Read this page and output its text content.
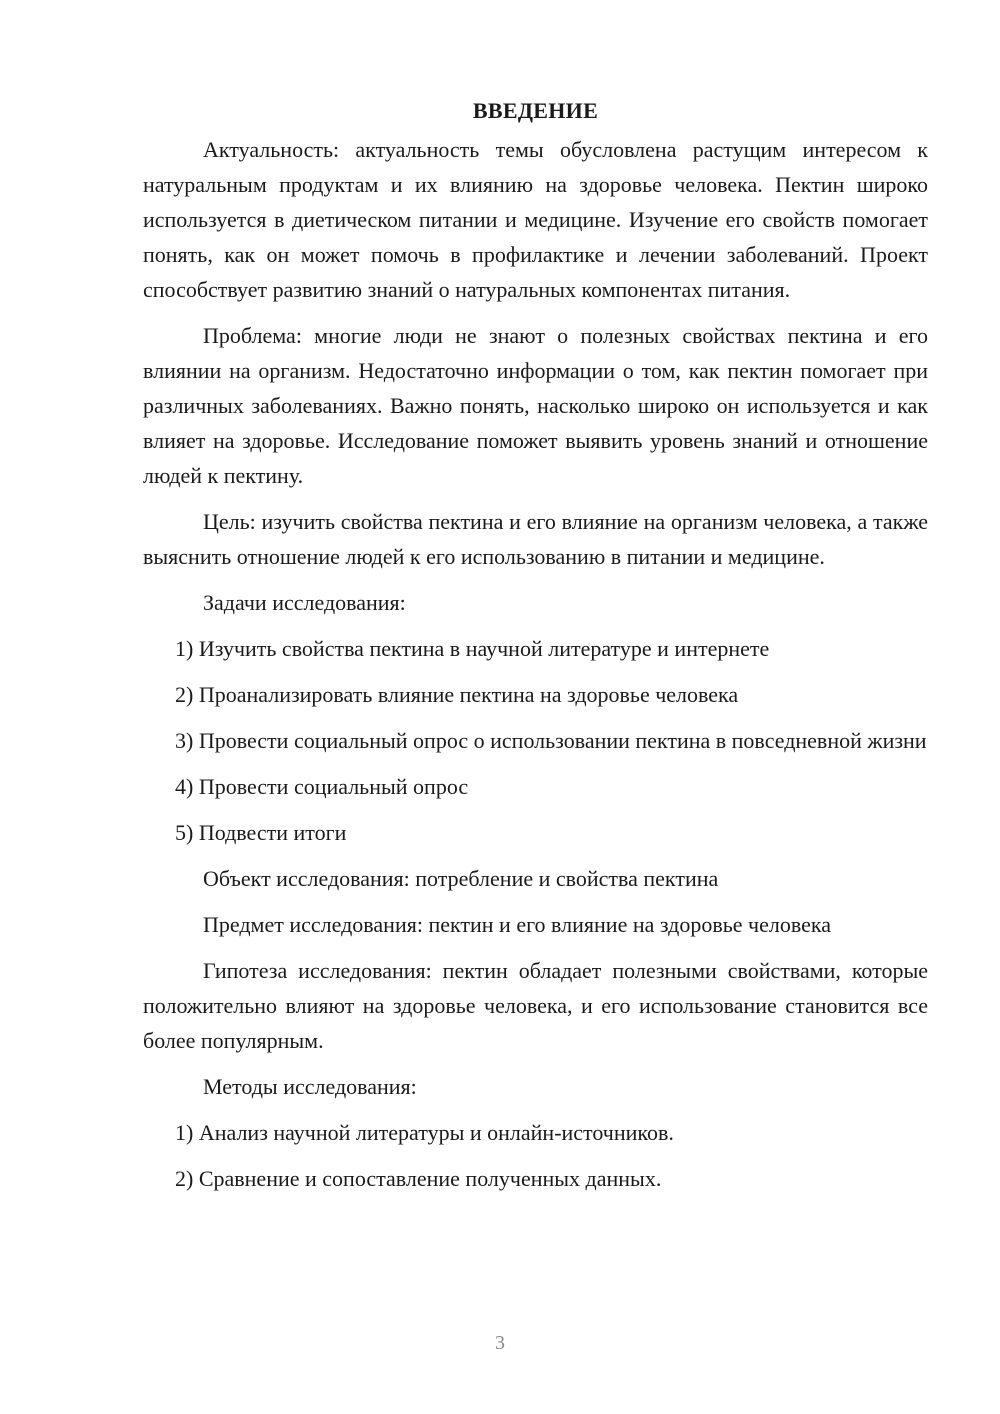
ВВЕДЕНИЕ

Актуальность: актуальность темы обусловлена растущим интересом к натуральным продуктам и их влиянию на здоровье человека. Пектин широко используется в диетическом питании и медицине. Изучение его свойств помогает понять, как он может помочь в профилактике и лечении заболеваний. Проект способствует развитию знаний о натуральных компонентах питания.

Проблема: многие люди не знают о полезных свойствах пектина и его влиянии на организм. Недостаточно информации о том, как пектин помогает при различных заболеваниях. Важно понять, насколько широко он используется и как влияет на здоровье. Исследование поможет выявить уровень знаний и отношение людей к пектину.

Цель: изучить свойства пектина и его влияние на организм человека, а также выяснить отношение людей к его использованию в питании и медицине.

Задачи исследования:

1) Изучить свойства пектина в научной литературе и интернете

2) Проанализировать влияние пектина на здоровье человека

3) Провести социальный опрос о использовании пектина в повседневной жизни

4) Провести социальный опрос

5) Подвести итоги

Объект исследования: потребление и свойства пектина

Предмет исследования: пектин и его влияние на здоровье человека

Гипотеза исследования: пектин обладает полезными свойствами, которые положительно влияют на здоровье человека, и его использование становится все более популярным.

Методы исследования:

1) Анализ научной литературы и онлайн-источников.

2) Сравнение и сопоставление полученных данных.

3
